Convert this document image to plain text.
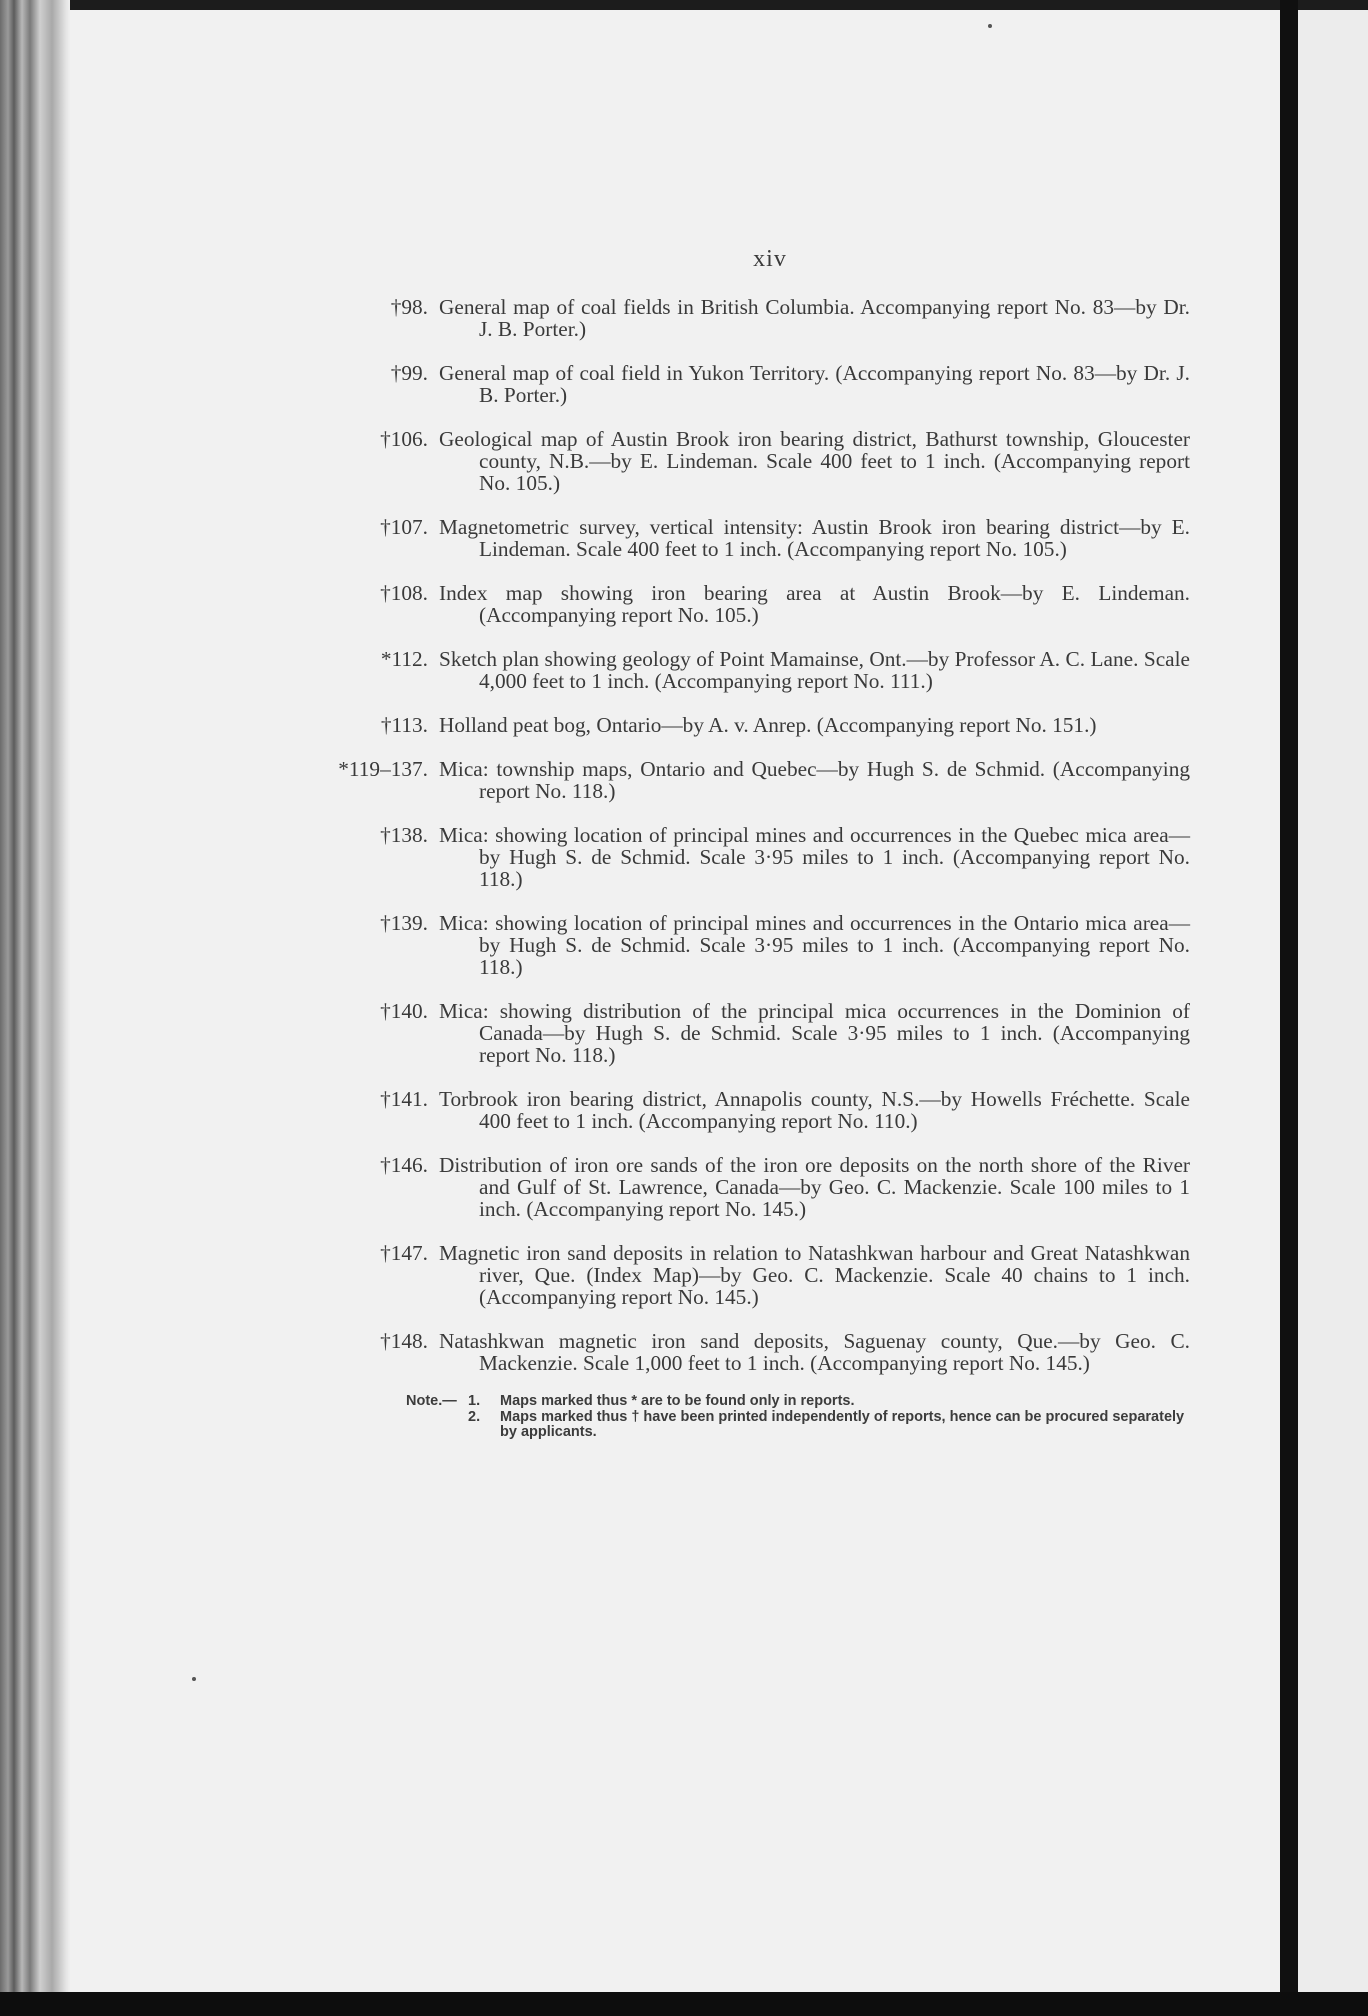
xiv
†98. General map of coal fields in British Columbia. Accompanying report No. 83—by Dr. J. B. Porter.)
†99. General map of coal field in Yukon Territory. (Accompanying report No. 83—by Dr. J. B. Porter.)
†106. Geological map of Austin Brook iron bearing district, Bathurst township, Gloucester county, N.B.—by E. Lindeman. Scale 400 feet to 1 inch. (Accompanying report No. 105.)
†107. Magnetometric survey, vertical intensity: Austin Brook iron bearing district—by E. Lindeman. Scale 400 feet to 1 inch. (Accompanying report No. 105.)
†108. Index map showing iron bearing area at Austin Brook—by E. Lindeman. (Accompanying report No. 105.)
*112. Sketch plan showing geology of Point Mamainse, Ont.—by Professor A. C. Lane. Scale 4,000 feet to 1 inch. (Accompanying report No. 111.)
†113. Holland peat bog, Ontario—by A. v. Anrep. (Accompanying report No. 151.)
*119–137. Mica: township maps, Ontario and Quebec—by Hugh S. de Schmid. (Accompanying report No. 118.)
†138. Mica: showing location of principal mines and occurrences in the Quebec mica area—by Hugh S. de Schmid. Scale 3·95 miles to 1 inch. (Accompanying report No. 118.)
†139. Mica: showing location of principal mines and occurrences in the Ontario mica area—by Hugh S. de Schmid. Scale 3·95 miles to 1 inch. (Accompanying report No. 118.)
†140. Mica: showing distribution of the principal mica occurrences in the Dominion of Canada—by Hugh S. de Schmid. Scale 3·95 miles to 1 inch. (Accompanying report No. 118.)
†141. Torbrook iron bearing district, Annapolis county, N.S.—by Howells Fréchette. Scale 400 feet to 1 inch. (Accompanying report No. 110.)
†146. Distribution of iron ore sands of the iron ore deposits on the north shore of the River and Gulf of St. Lawrence, Canada—by Geo. C. Mackenzie. Scale 100 miles to 1 inch. (Accompanying report No. 145.)
†147. Magnetic iron sand deposits in relation to Natashkwan harbour and Great Natashkwan river, Que. (Index Map)—by Geo. C. Mackenzie. Scale 40 chains to 1 inch. (Accompanying report No. 145.)
†148. Natashkwan magnetic iron sand deposits, Saguenay county, Que.—by Geo. C. Mackenzie. Scale 1,000 feet to 1 inch. (Accompanying report No. 145.)
Note.— 1. Maps marked thus * are to be found only in reports.
2. Maps marked thus † have been printed independently of reports, hence can be procured separately by applicants.
